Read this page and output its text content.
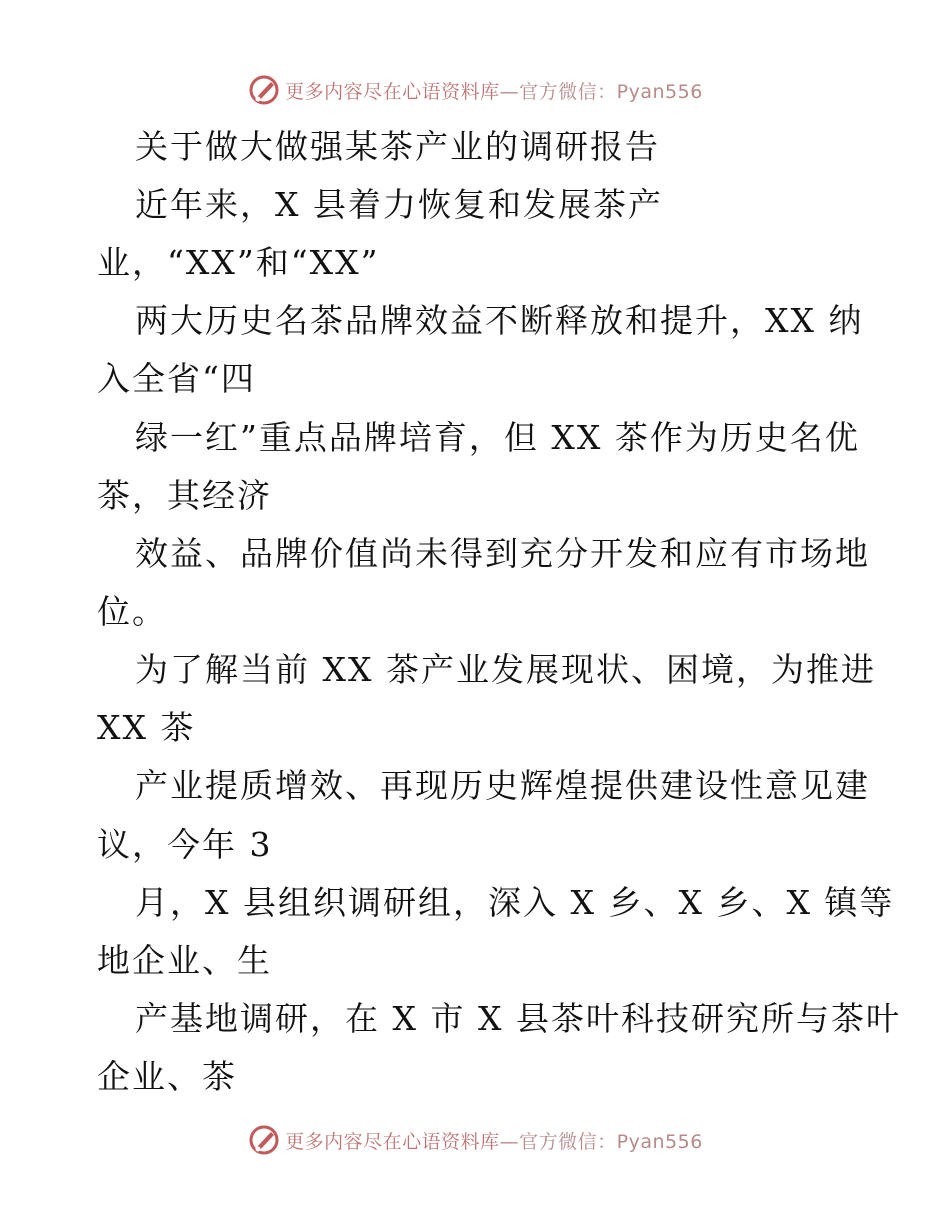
更多内容尽在心语资料库—官方微信：Pyan556
关于做大做强某茶产业的调研报告
近年来，X 县着力恢复和发展茶产
业，“XX”和“XX”
两大历史名茶品牌效益不断释放和提升，XX 纳
入全省“四
绿一红”重点品牌培育，但 XX 茶作为历史名优
茶，其经济
效益、品牌价值尚未得到充分开发和应有市场地
位。
为了解当前 XX 茶产业发展现状、困境，为推进
XX 茶
产业提质增效、再现历史辉煌提供建设性意见建
议，今年 3
月，X 县组织调研组，深入 X 乡、X 乡、X 镇等
地企业、生
产基地调研，在 X 市 X 县茶叶科技研究所与茶叶
企业、茶
更多内容尽在心语资料库—官方微信：Pyan556
